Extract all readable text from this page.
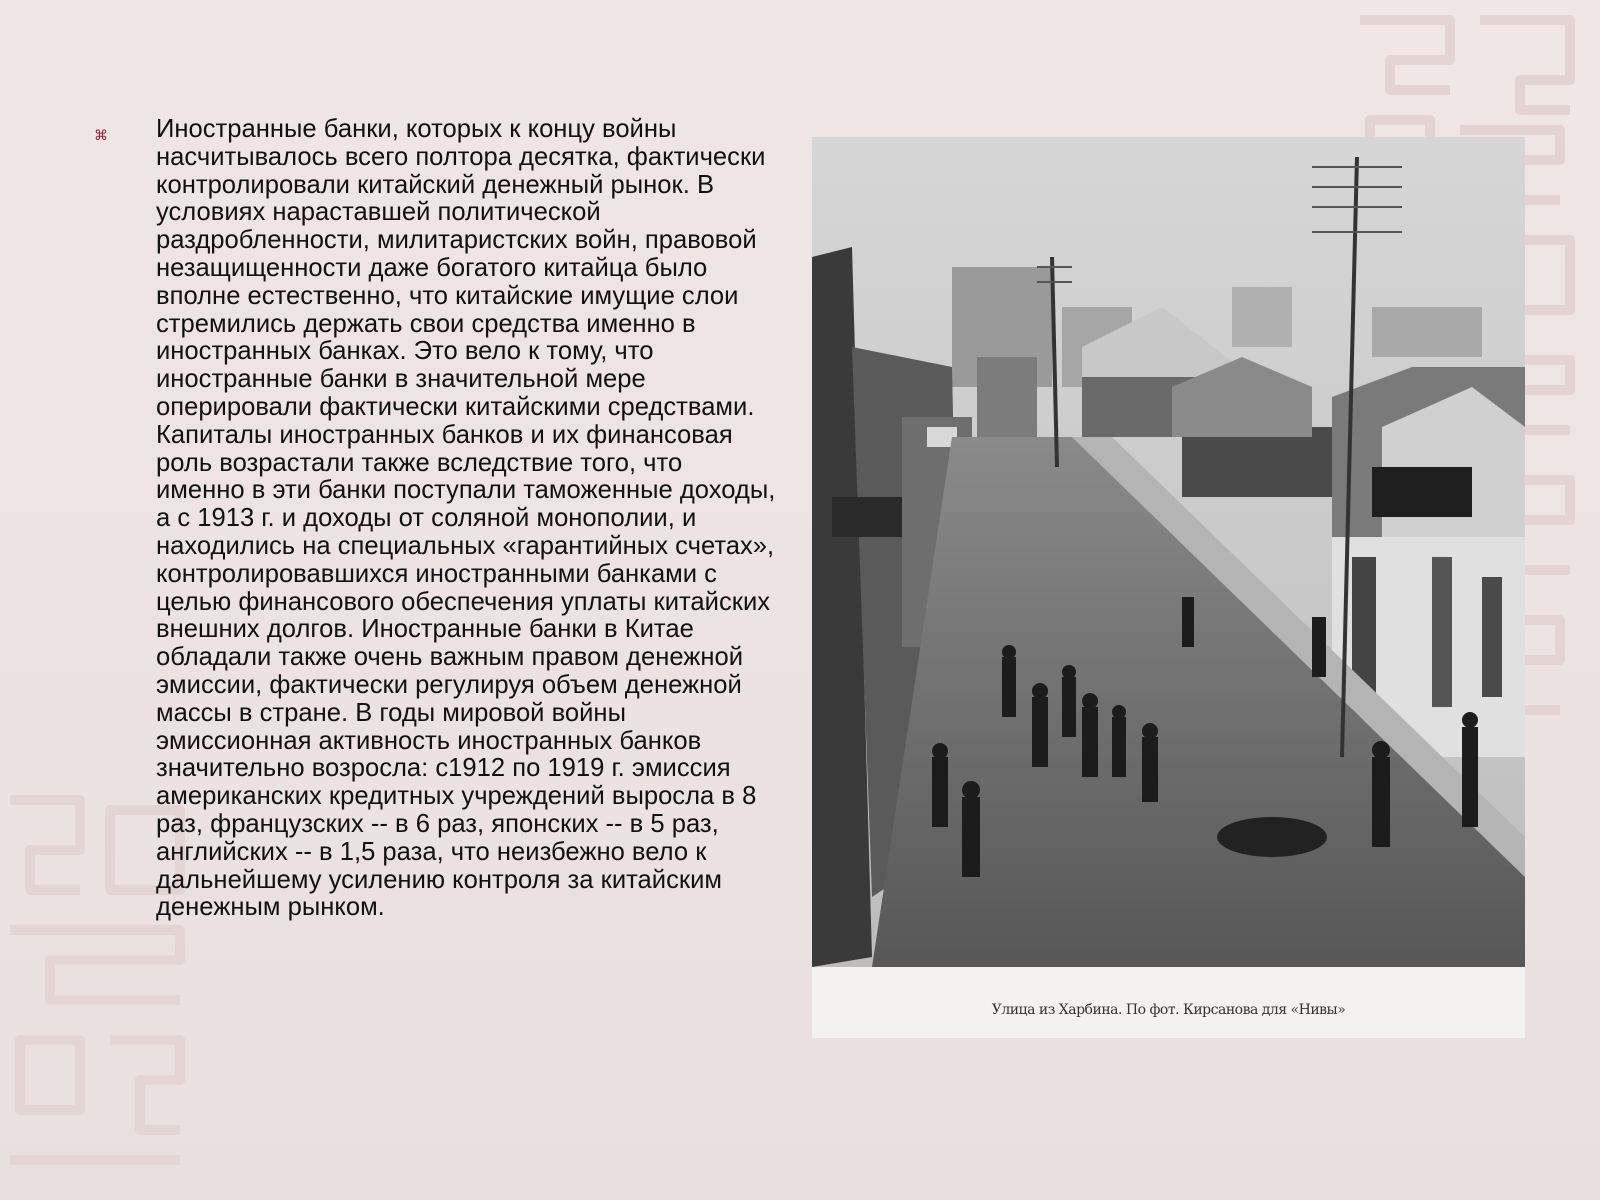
⌘ Иностранные банки, которых к концу войны насчитывалось всего полтора десятка, фактически контролировали китайский денежный рынок. В условиях нараставшей политической раздробленности, милитаристских войн, правовой незащищенности даже богатого китайца было вполне естественно, что китайские имущие слои стремились держать свои средства именно в иностранных банках. Это вело к тому, что иностранные банки в значительной мере оперировали фактически китайскими средствами. Капиталы иностранных банков и их финансовая роль возрастали также вследствие того, что именно в эти банки поступали таможенные доходы, а с 1913 г. и доходы от соляной монополии, и находились на специальных «гарантийных счетах», контролировавшихся иностранными банками с целью финансового обеспечения уплаты китайских внешних долгов. Иностранные банки в Китае обладали также очень важным правом денежной эмиссии, фактически регулируя объем денежной массы в стране. В годы мировой войны эмиссионная активность иностранных банков значительно возросла: с1912 по 1919 г. эмиссия американских кредитных учреждений выросла в 8 раз, французских -- в 6 раз, японских -- в 5 раз, английских -- в 1,5 раза, что неизбежно вело к дальнейшему усилению контроля за китайским денежным рынком.

Улица из Харбина. По фот. Кирсанова для «Нивы»
